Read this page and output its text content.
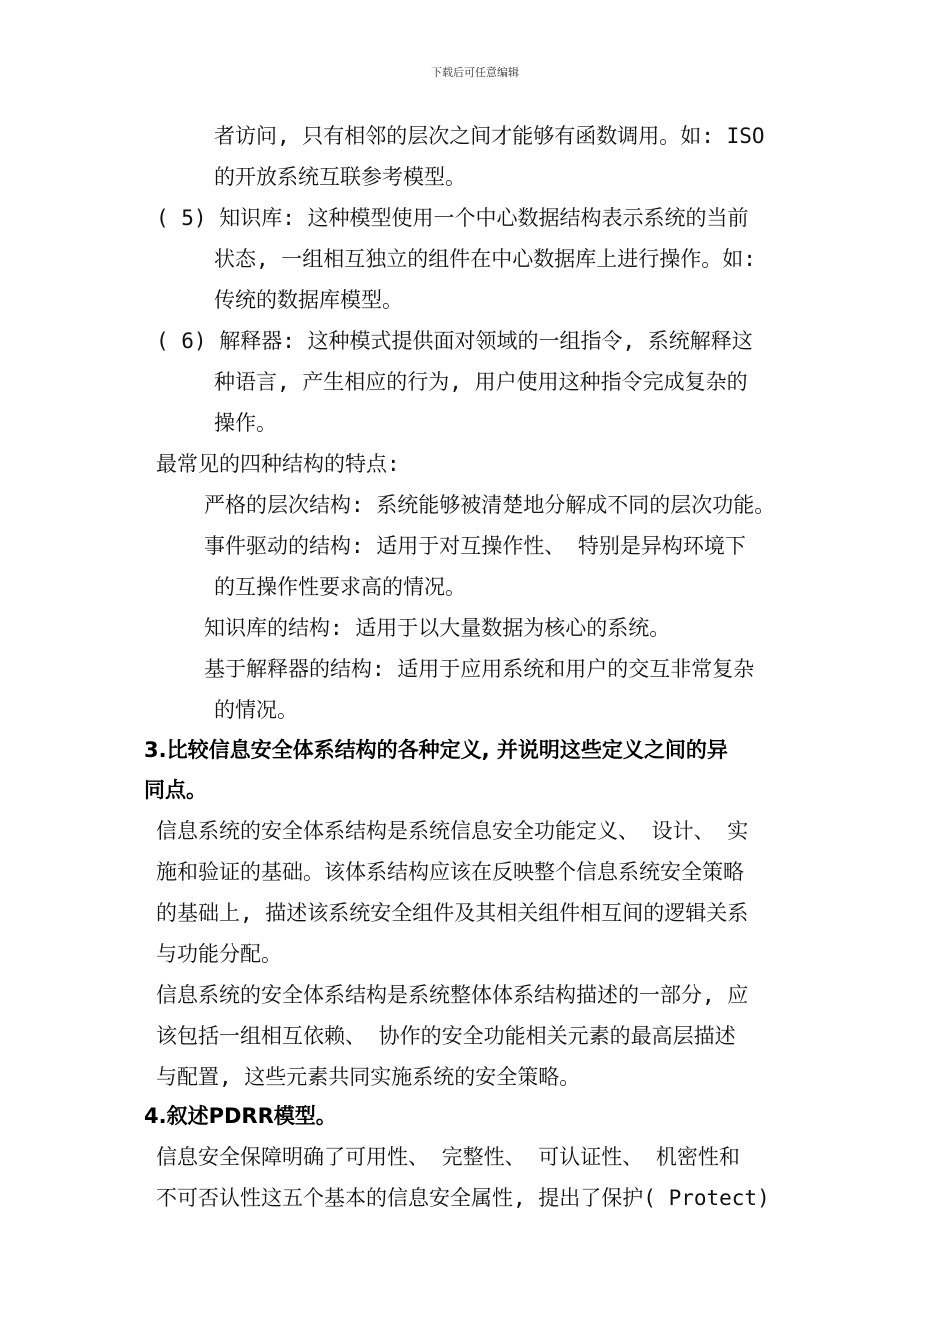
下载后可任意编辑
者访问, 只有相邻的层次之间才能够有函数调用。如: ISO
的开放系统互联参考模型。
( 5) 知识库: 这种模型使用一个中心数据结构表示系统的当前
状态, 一组相互独立的组件在中心数据库上进行操作。如:
传统的数据库模型。
( 6) 解释器: 这种模式提供面对领域的一组指令, 系统解释这
种语言, 产生相应的行为, 用户使用这种指令完成复杂的
操作。
最常见的四种结构的特点:
严格的层次结构: 系统能够被清楚地分解成不同的层次功能。
事件驱动的结构: 适用于对互操作性、 特别是异构环境下
的互操作性要求高的情况。
知识库的结构: 适用于以大量数据为核心的系统。
基于解释器的结构: 适用于应用系统和用户的交互非常复杂
的情况。
3.比较信息安全体系结构的各种定义, 并说明这些定义之间的异
同点。
信息系统的安全体系结构是系统信息安全功能定义、 设计、 实
施和验证的基础。该体系结构应该在反映整个信息系统安全策略
的基础上, 描述该系统安全组件及其相关组件相互间的逻辑关系
与功能分配。
信息系统的安全体系结构是系统整体体系结构描述的一部分, 应
该包括一组相互依赖、 协作的安全功能相关元素的最高层描述
与配置, 这些元素共同实施系统的安全策略。
4.叙述PDRR模型。
信息安全保障明确了可用性、 完整性、 可认证性、 机密性和
不可否认性这五个基本的信息安全属性, 提出了保护( Protect)
